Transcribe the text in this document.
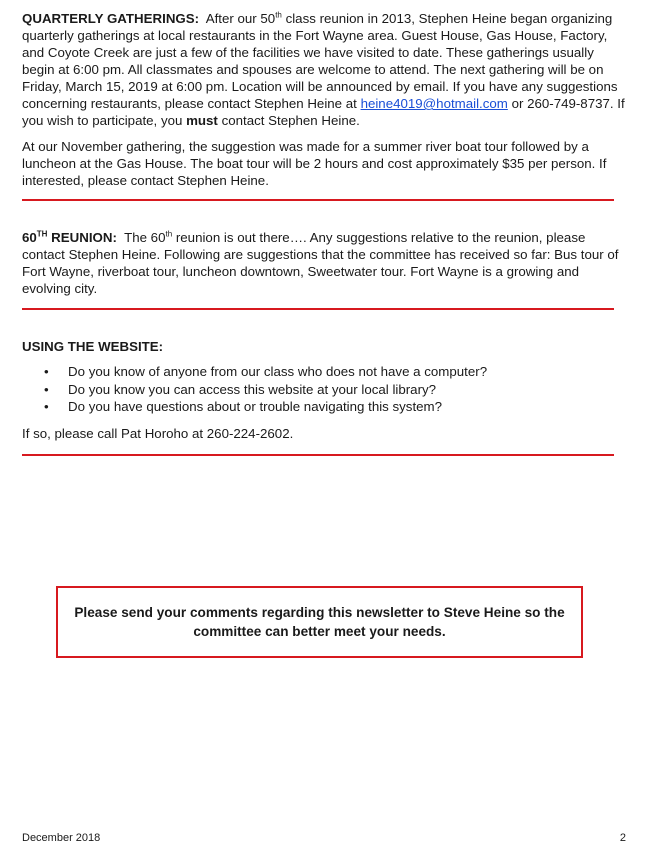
QUARTERLY GATHERINGS: After our 50th class reunion in 2013, Stephen Heine began organizing quarterly gatherings at local restaurants in the Fort Wayne area. Guest House, Gas House, Factory, and Coyote Creek are just a few of the facilities we have visited to date. These gatherings usually begin at 6:00 pm. All classmates and spouses are welcome to attend. The next gathering will be on Friday, March 15, 2019 at 6:00 pm. Location will be announced by email. If you have any suggestions concerning restaurants, please contact Stephen Heine at heine4019@hotmail.com or 260-749-8737. If you wish to participate, you must contact Stephen Heine.

At our November gathering, the suggestion was made for a summer river boat tour followed by a luncheon at the Gas House. The boat tour will be 2 hours and cost approximately $35 per person. If interested, please contact Stephen Heine.

60TH REUNION: The 60th reunion is out there…. Any suggestions relative to the reunion, please contact Stephen Heine. Following are suggestions that the committee has received so far: Bus tour of Fort Wayne, riverboat tour, luncheon downtown, Sweetwater tour. Fort Wayne is a growing and evolving city.

USING THE WEBSITE:

• Do you know of anyone from our class who does not have a computer?
• Do you know you can access this website at your local library?
• Do you have questions about or trouble navigating this system?

If so, please call Pat Horoho at 260-224-2602.

Please send your comments regarding this newsletter to Steve Heine so the committee can better meet your needs.

December 2018	2
